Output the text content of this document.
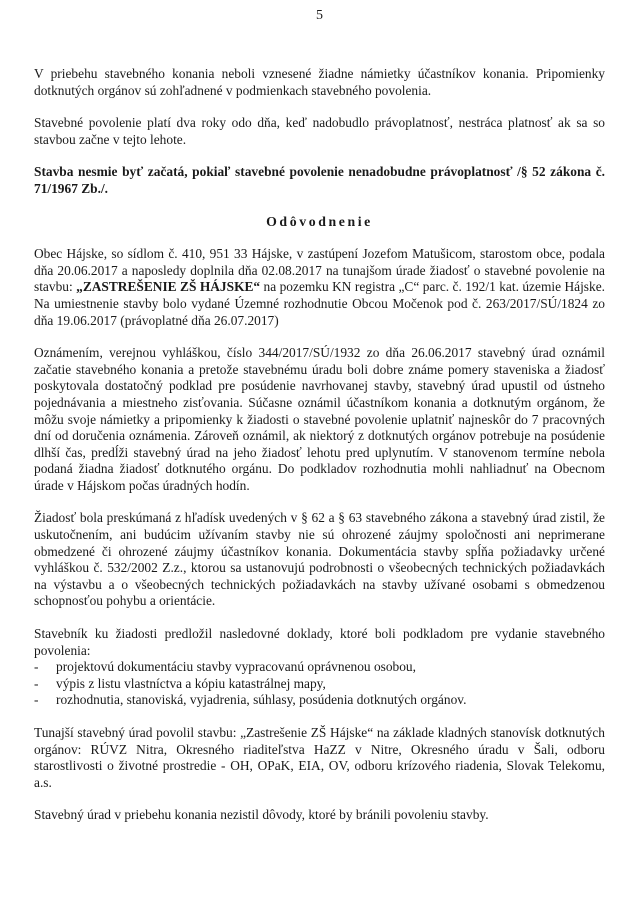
5

V priebehu stavebného konania neboli vznesené žiadne námietky účastníkov konania. Pripomienky dotknutých orgánov sú zohľadnené v podmienkach stavebného povolenia.

Stavebné povolenie platí dva roky odo dňa, keď nadobudlo právoplatnosť, nestráca platnosť ak sa so stavbou začne v tejto lehote.

Stavba nesmie byť začatá, pokiaľ stavebné povolenie nenadobudne právoplatnosť /§ 52 zákona č. 71/1967 Zb./.

Odôvodnenie

Obec Hájske, so sídlom č. 410, 951 33 Hájske, v zastúpení Jozefom Matušicom, starostom obce, podala dňa 20.06.2017 a naposledy doplnila dňa 02.08.2017 na tunajšom úrade žiadosť o stavebné povolenie na stavbu: „ZASTREŠENIE ZŠ HÁJSKE“ na pozemku KN registra „C“ parc. č. 192/1 kat. územie Hájske. Na umiestnenie stavby bolo vydané Územné rozhodnutie Obcou Močenok pod č. 263/2017/SÚ/1824 zo dňa 19.06.2017 (právoplatné dňa 26.07.2017)

Oznámením, verejnou vyhláškou, číslo 344/2017/SÚ/1932 zo dňa 26.06.2017 stavebný úrad oznámil začatie stavebného konania a pretože stavebnému úradu boli dobre známe pomery staveniska a žiadosť poskytovala dostatočný podklad pre posúdenie navrhovanej stavby, stavebný úrad upustil od ústneho pojednávania a miestneho zisťovania. Súčasne oznámil účastníkom konania a dotknutým orgánom, že môžu svoje námietky a pripomienky k žiadosti o stavebné povolenie uplatniť najneskôr do 7 pracovných dní od doručenia oznámenia. Zároveň oznámil, ak niektorý z dotknutých orgánov potrebuje na posúdenie dlhší čas, predĺži stavebný úrad na jeho žiadosť lehotu pred uplynutím. V stanovenom termíne nebola podaná žiadna žiadosť dotknutého orgánu. Do podkladov rozhodnutia mohli nahliadnuť na Obecnom úrade v Hájskom počas úradných hodín.

Žiadosť bola preskúmaná z hľadísk uvedených v § 62 a § 63 stavebného zákona a stavebný úrad zistil, že uskutočnením, ani budúcim užívaním stavby nie sú ohrozené záujmy spoločnosti ani neprimerane obmedzené či ohrozené záujmy účastníkov konania. Dokumentácia stavby spĺňa požiadavky určené vyhláškou č. 532/2002 Z.z., ktorou sa ustanovujú podrobnosti o všeobecných technických požiadavkách na výstavbu a o všeobecných technických požiadavkách na stavby užívané osobami s obmedzenou schopnosťou pohybu a orientácie.

Stavebník ku žiadosti predložil nasledovné doklady, ktoré boli podkladom pre vydanie stavebného povolenia:

- projektovú dokumentáciu stavby vypracovanú oprávnenou osobou,
- výpis z listu vlastníctva a kópiu katastrálnej mapy,
- rozhodnutia, stanoviská, vyjadrenia, súhlasy, posúdenia dotknutých orgánov.

Tunajší stavebný úrad povolil stavbu: „Zastrešenie ZŠ Hájske“ na základe kladných stanovísk dotknutých orgánov: RÚVZ Nitra, Okresného riaditeľstva HaZZ v Nitre, Okresného úradu v Šali, odboru starostlivosti o životné prostredie - OH, OPaK, EIA, OV, odboru krízového riadenia, Slovak Telekomu, a.s.

Stavebný úrad v priebehu konania nezistil dôvody, ktoré by bránili povoleniu stavby.
